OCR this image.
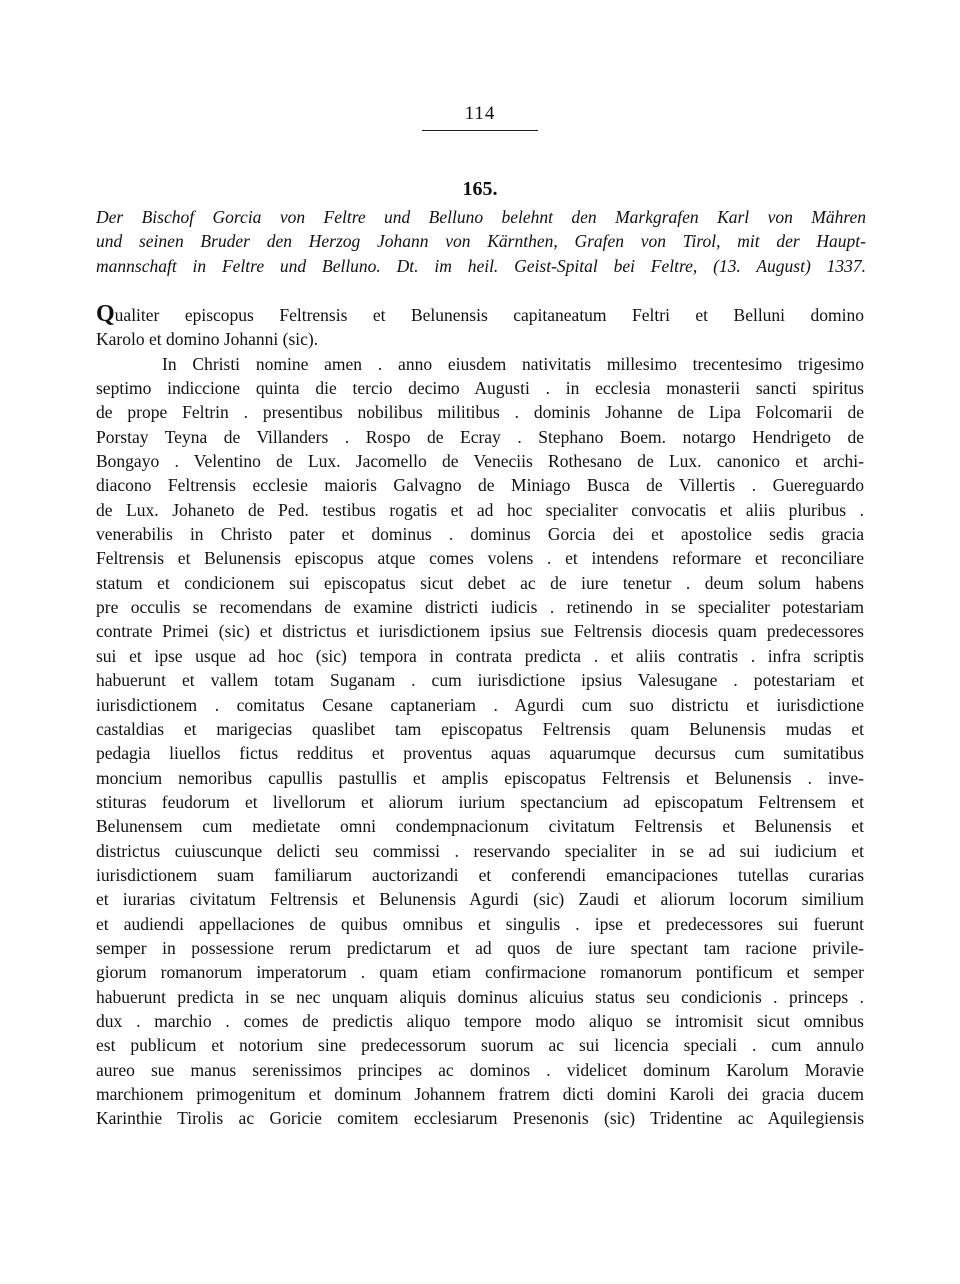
114
165.
Der Bischof Gorcia von Feltre und Belluno belehnt den Markgrafen Karl von Mähren
und seinen Bruder den Herzog Johann von Kärnthen, Grafen von Tirol, mit der Haupt-
mannschaft in Feltre und Belluno. Dt. im heil. Geist-Spital bei Feltre, (13. August) 1337.
Qualiter episcopus Feltrensis et Belunensis capitaneatum Feltri et Belluni domino
Karolo et domino Johanni (sic).
In Christi nomine amen . anno eiusdem nativitatis millesimo trecentesimo trigesimo
septimo indiccione quinta die tercio decimo Augusti . in ecclesia monasterii sancti spiritus
de prope Feltrin . presentibus nobilibus militibus . dominis Johanne de Lipa Folcomarii de
Porstay Teyna de Villanders . Rospo de Ecray . Stephano Boem. notargo Hendrigeto de
Bongayo . Velentino de Lux. Jacomello de Veneciis Rothesano de Lux. canonico et archi-
diacono Feltrensis ecclesie maioris Galvagno de Miniago Busca de Villertis . Guereguardo
de Lux. Johaneto de Ped. testibus rogatis et ad hoc specialiter convocatis et aliis pluribus .
venerabilis in Christo pater et dominus . dominus Gorcia dei et apostolice sedis gracia
Feltrensis et Belunensis episcopus atque comes volens . et intendens reformare et reconciliare
statum et condicionem sui episcopatus sicut debet ac de iure tenetur . deum solum habens
pre occulis se recomendans de examine districti iudicis . retinendo in se specialiter potestariam
contrate Primei (sic) et districtus et iurisdictionem ipsius sue Feltrensis diocesis quam predecessores
sui et ipse usque ad hoc (sic) tempora in contrata predicta . et aliis contratis . infra scriptis
habuerunt et vallem totam Suganam . cum iurisdictione ipsius Valesugane . potestariam et
iurisdictionem . comitatus Cesane captaneriam . Agurdi cum suo districtu et iurisdictione
castaldias et marigecias quaslibet tam episcopatus Feltrensis quam Belunensis mudas et
pedagia liuellos fictus redditus et proventus aquas aquarumque decursus cum sumitatibus
moncium nemoribus capullis pastullis et amplis episcopatus Feltrensis et Belunensis . inve-
stituras feudorum et livellorum et aliorum iurium spectancium ad episcopatum Feltrensem et
Belunensem cum medietate omni condempnacionum civitatum Feltrensis et Belunensis et
districtus cuiuscunque delicti seu commissi . reservando specialiter in se ad sui iudicium et
iurisdictionem suam familiarum auctorizandi et conferendi emancipaciones tutellas curarias
et iurarias civitatum Feltrensis et Belunensis Agurdi (sic) Zaudi et aliorum locorum similium
et audiendi appellaciones de quibus omnibus et singulis . ipse et predecessores sui fuerunt
semper in possessione rerum predictarum et ad quos de iure spectant tam racione privile-
giorum romanorum imperatorum . quam etiam confirmacione romanorum pontificum et semper
habuerunt predicta in se nec unquam aliquis dominus alicuius status seu condicionis . princeps .
dux . marchio . comes de predictis aliquo tempore modo aliquo se intromisit sicut omnibus
est publicum et notorium sine predecessorum suorum ac sui licencia speciali . cum annulo
aureo sue manus serenissimos principes ac dominos . videlicet dominum Karolum Moravie
marchionem primogenitum et dominum Johannem fratrem dicti domini Karoli dei gracia ducem
Karinthie Tirolis ac Goricie comitem ecclesiarum Presenonis (sic) Tridentine ac Aquilegiensis
